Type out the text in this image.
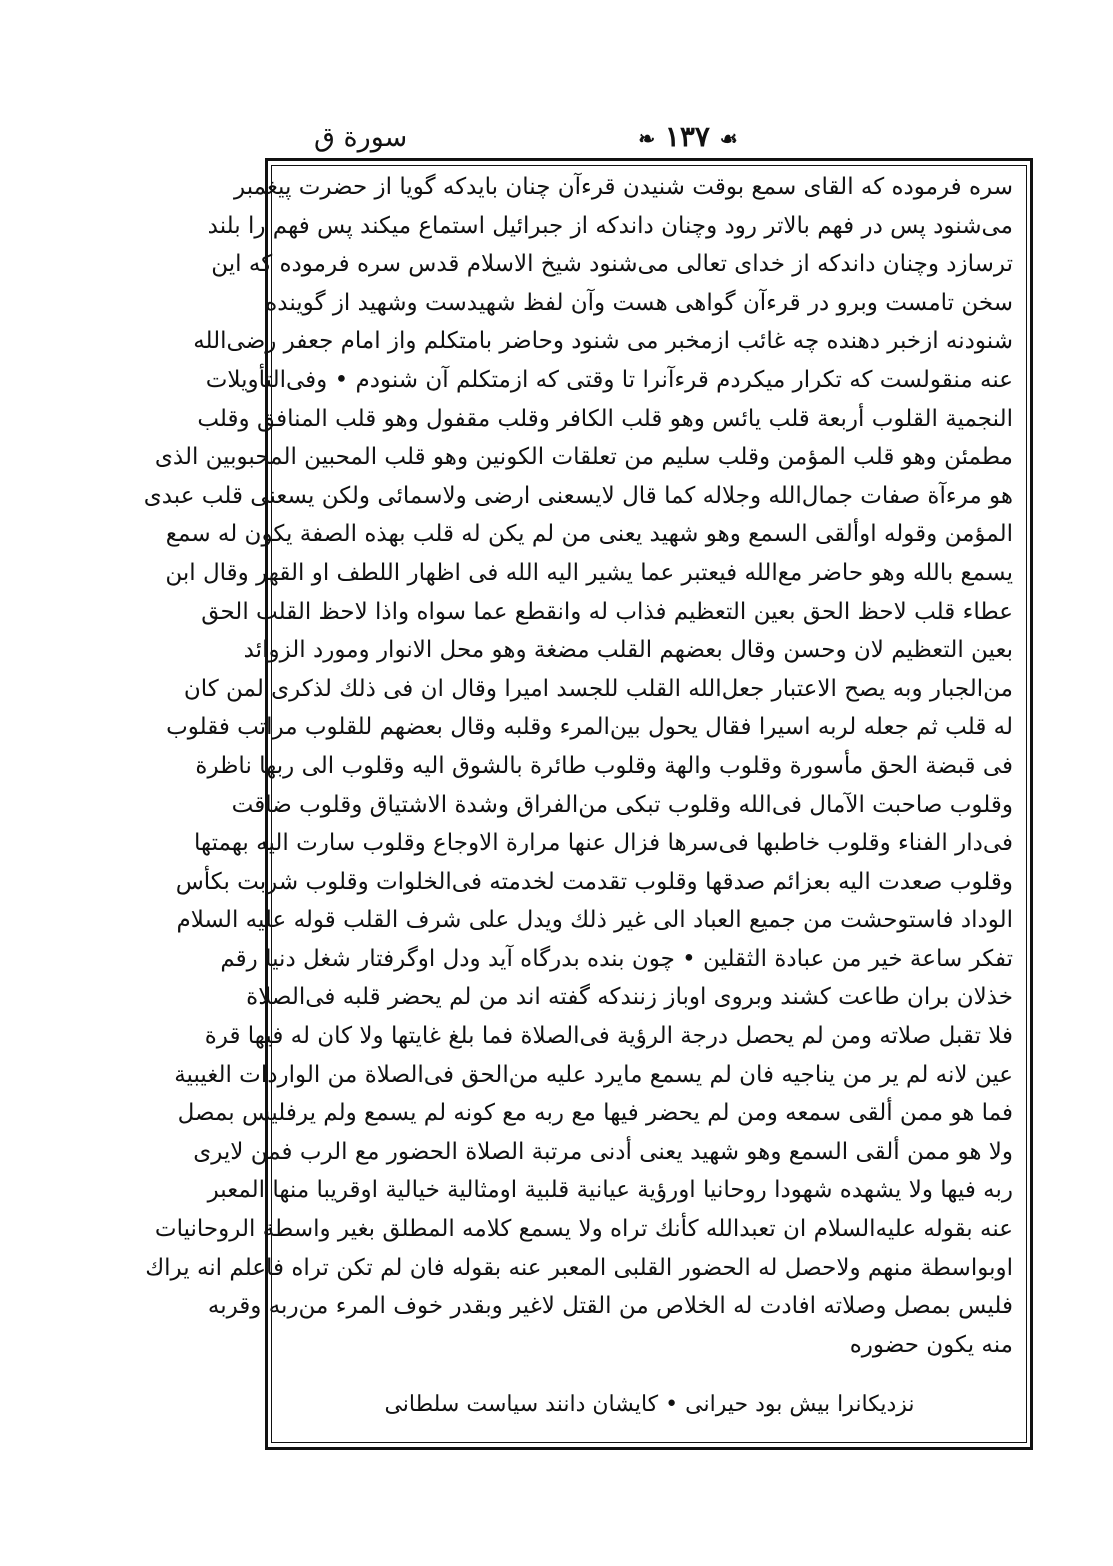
سورة ق	☙ ١٣٧ ❧
سره فرموده كه القای سمع بوقت شنیدن قرءآن چنان بایدكه گویا از حضرت پیغمبر
می‌شنود پس در فهم بالاتر رود وچنان داندكه از جبرائیل استماع میكند پس فهم را بلند
ترسازد وچنان داندكه از خدای تعالی می‌شنود شیخ الاسلام قدس سره فرموده كه این
سخن تامست وبرو در قرءآن گواهی هست وآن لفظ شهیدست وشهید از گوینده
شنودنه ازخبر دهنده چه غائب ازمخبر می شنود وحاضر بامتكلم واز امام جعفر رضی‌الله
عنه منقولست كه تكرار میكردم قرءآنرا تا وقتی كه ازمتكلم آن شنودم • وفی‌التأویلات
النجمیة القلوب أربعة قلب یائس وهو قلب الكافر وقلب مقفول وهو قلب المنافق وقلب
مطمئن وهو قلب المؤمن وقلب سلیم من تعلقات الكونین وهو قلب المحبین المحبوبین الذی
هو مرءآة صفات جمال‌الله وجلاله كما قال لایسعنی ارضی ولاسمائی ولكن یسعنی قلب عبدی
المؤمن وقوله اوألقی السمع وهو شهید یعنی من لم یكن له قلب بهذه الصفة یكون له سمع
یسمع بالله وهو حاضر مع‌الله فیعتبر عما یشیر الیه الله فی اظهار اللطف او القهر وقال ابن
عطاء قلب لاحظ الحق بعین التعظیم فذاب له وانقطع عما سواه واذا لاحظ القلب الحق
بعین التعظیم لان وحسن وقال بعضهم القلب مضغة وهو محل الانوار ومورد الزوائد
من‌الجبار وبه یصح الاعتبار جعل‌الله القلب للجسد امیرا وقال ان فی ذلك لذكری لمن كان
له قلب ثم جعله لربه اسیرا فقال یحول بین‌المرء وقلبه وقال بعضهم للقلوب مراتب فقلوب
فی قبضة الحق مأسورة وقلوب والهة وقلوب طائرة بالشوق الیه وقلوب الی ربها ناظرة
وقلوب صاحبت الآمال فی‌الله وقلوب تبكی من‌الفراق وشدة الاشتیاق وقلوب ضاقت
فی‌دار الفناء وقلوب خاطبها فی‌سرها فزال عنها مرارة الاوجاع وقلوب سارت الیه بهمتها
وقلوب صعدت الیه بعزائم صدقها وقلوب تقدمت لخدمته فی‌الخلوات وقلوب شربت بكأس
الوداد فاستوحشت من جمیع العباد الی غیر ذلك ویدل علی شرف القلب قوله علیه السلام
تفكر ساعة خیر من عبادة الثقلین • چون بنده بدرگاه آید ودل اوگرفتار شغل دنیا رقم
خذلان بران طاعت كشند وبروی اوباز زنندكه گفته اند من لم یحضر قلبه فی‌الصلاة
فلا تقبل صلاته ومن لم یحصل درجة الرؤیة فی‌الصلاة فما بلغ غایتها ولا كان له فیها قرة
عین لانه لم یر من یناجیه فان لم یسمع مایرد علیه من‌الحق فی‌الصلاة من الواردات الغیبیة
فما هو ممن ألقی سمعه ومن لم یحضر فیها مع ربه مع كونه لم یسمع ولم یرفلیس بمصل
ولا هو ممن ألقی السمع وهو شهید یعنی أدنی مرتبة الصلاة الحضور مع الرب فمن لایری
ربه فیها ولا یشهده شهودا روحانیا اورؤیة عیانیة قلبیة اومثالیة خیالیة اوقریبا منها المعبر
عنه بقوله علیه‌السلام ان تعبدالله كأنك تراه ولا یسمع كلامه المطلق بغیر واسطة الروحانیات
اوبواسطة منهم ولاحصل له الحضور القلبی المعبر عنه بقوله فان لم تكن تراه فاعلم انه یراك
فلیس بمصل وصلاته افادت له الخلاص من القتل لاغیر وبقدر خوف المرء من‌ربه وقربه
منه یكون حضوره
نزدیكانرا بیش بود حیرانی • كایشان دانند سیاست سلطانی
